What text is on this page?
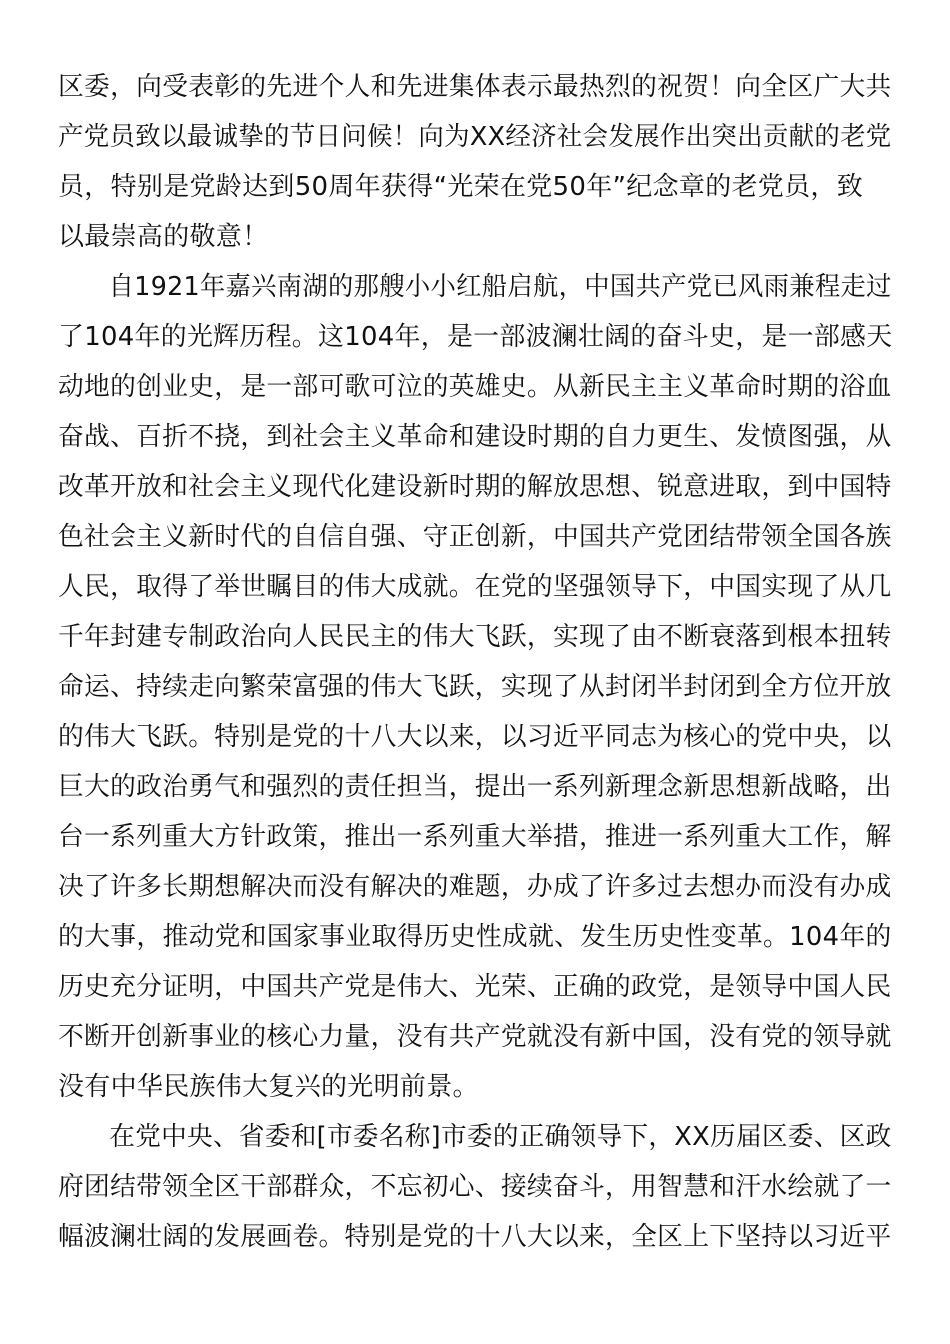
区委，向受表彰的先进个人和先进集体表示最热烈的祝贺！向全区广大共
产党员致以最诚挚的节日问候！向为XX经济社会发展作出突出贡献的老党
员，特别是党龄达到50周年获得“光荣在党50年”纪念章的老党员，致
以最崇高的敬意！
自1921年嘉兴南湖的那艘小小红船启航，中国共产党已风雨兼程走过
了104年的光辉历程。这104年，是一部波澜壮阔的奋斗史，是一部感天
动地的创业史，是一部可歌可泣的英雄史。从新民主主义革命时期的浴血
奋战、百折不挠，到社会主义革命和建设时期的自力更生、发愤图强，从
改革开放和社会主义现代化建设新时期的解放思想、锐意进取，到中国特
色社会主义新时代的自信自强、守正创新，中国共产党团结带领全国各族
人民，取得了举世瞩目的伟大成就。在党的坚强领导下，中国实现了从几
千年封建专制政治向人民民主的伟大飞跃，实现了由不断衰落到根本扭转
命运、持续走向繁荣富强的伟大飞跃，实现了从封闭半封闭到全方位开放
的伟大飞跃。特别是党的十八大以来，以习近平同志为核心的党中央，以
巨大的政治勇气和强烈的责任担当，提出一系列新理念新思想新战略，出
台一系列重大方针政策，推出一系列重大举措，推进一系列重大工作，解
决了许多长期想解决而没有解决的难题，办成了许多过去想办而没有办成
的大事，推动党和国家事业取得历史性成就、发生历史性变革。104年的
历史充分证明，中国共产党是伟大、光荣、正确的政党，是领导中国人民
不断开创新事业的核心力量，没有共产党就没有新中国，没有党的领导就
没有中华民族伟大复兴的光明前景。
在党中央、省委和[市委名称]市委的正确领导下，XX历届区委、区政
府团结带领全区干部群众，不忘初心、接续奋斗，用智慧和汗水绘就了一
幅波澜壮阔的发展画卷。特别是党的十八大以来，全区上下坚持以习近平
